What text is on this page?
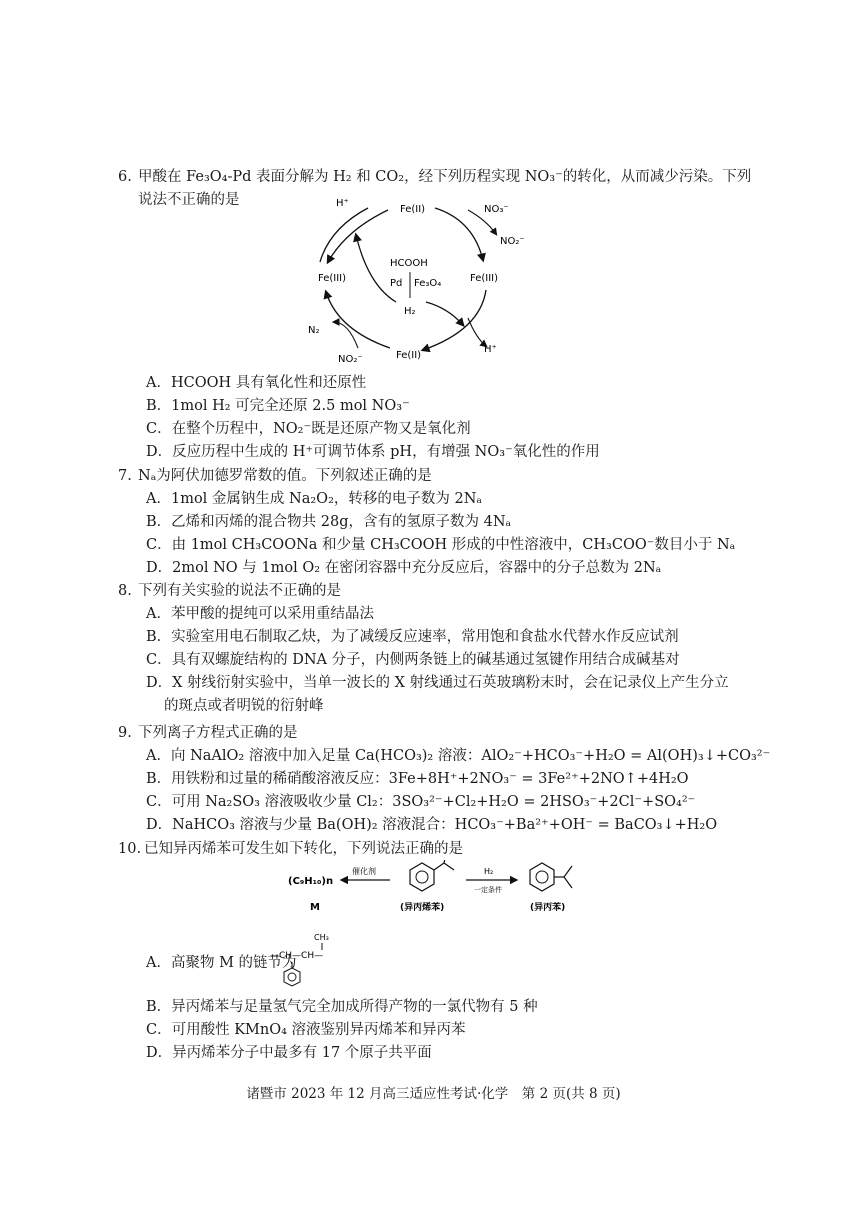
6. 甲酸在 Fe₃O₄-Pd 表面分解为 H₂ 和 CO₂，经下列历程实现 NO₃⁻的转化，从而减少污染。下列
说法不正确的是	H⁺
Fe(II)	NO₃⁻
NO₂⁻
HCOOH
Pd Fe₃O₄
Fe(III)	Fe(III)
H₂
N₂
H⁺
NO₂⁻	Fe(II)
A．HCOOH 具有氧化性和还原性
B．1mol H₂ 可完全还原 2.5 mol NO₃⁻
C．在整个历程中，NO₂⁻既是还原产物又是氧化剂
D．反应历程中生成的 H⁺可调节体系 pH，有增强 NO₃⁻氧化性的作用
7. Nₐ为阿伏加德罗常数的值。下列叙述正确的是
A．1mol 金属钠生成 Na₂O₂，转移的电子数为 2Nₐ
B．乙烯和丙烯的混合物共 28g，含有的氢原子数为 4Nₐ
C．由 1mol CH₃COONa 和少量 CH₃COOH 形成的中性溶液中，CH₃COO⁻数目小于 Nₐ
D．2mol NO 与 1mol O₂ 在密闭容器中充分反应后，容器中的分子总数为 2Nₐ
8. 下列有关实验的说法不正确的是
A．苯甲酸的提纯可以采用重结晶法
B．实验室用电石制取乙炔，为了减缓反应速率，常用饱和食盐水代替水作反应试剂
C．具有双螺旋结构的 DNA 分子，内侧两条链上的碱基通过氢键作用结合成碱基对
D．X 射线衍射实验中，当单一波长的 X 射线通过石英玻璃粉末时，会在记录仪上产生分立
的斑点或者明锐的衍射峰
9. 下列离子方程式正确的是
A．向 NaAlO₂ 溶液中加入足量 Ca(HCO₃)₂ 溶液：AlO₂⁻+HCO₃⁻+H₂O = Al(OH)₃↓+CO₃²⁻
B．用铁粉和过量的稀硝酸溶液反应：3Fe+8H⁺+2NO₃⁻ = 3Fe²⁺+2NO↑+4H₂O
C．可用 Na₂SO₃ 溶液吸收少量 Cl₂：3SO₃²⁻+Cl₂+H₂O = 2HSO₃⁻+2Cl⁻+SO₄²⁻
D．NaHCO₃ 溶液与少量 Ba(OH)₂ 溶液混合：HCO₃⁻+Ba²⁺+OH⁻ = BaCO₃↓+H₂O
10. 已知异丙烯苯可发生如下转化，下列说法正确的是
(C₉H₁₀)n
M
催化剂
(异丙烯苯)
H₂
一定条件
(异丙苯)
A．高聚物 M 的链节为
CH₃
—CH—CH—
B．异丙烯苯与足量氢气完全加成所得产物的一氯代物有 5 种
C．可用酸性 KMnO₄ 溶液鉴别异丙烯苯和异丙苯
D．异丙烯苯分子中最多有 17 个原子共平面
诸暨市 2023 年 12 月高三适应性考试·化学　第 2 页(共 8 页)
